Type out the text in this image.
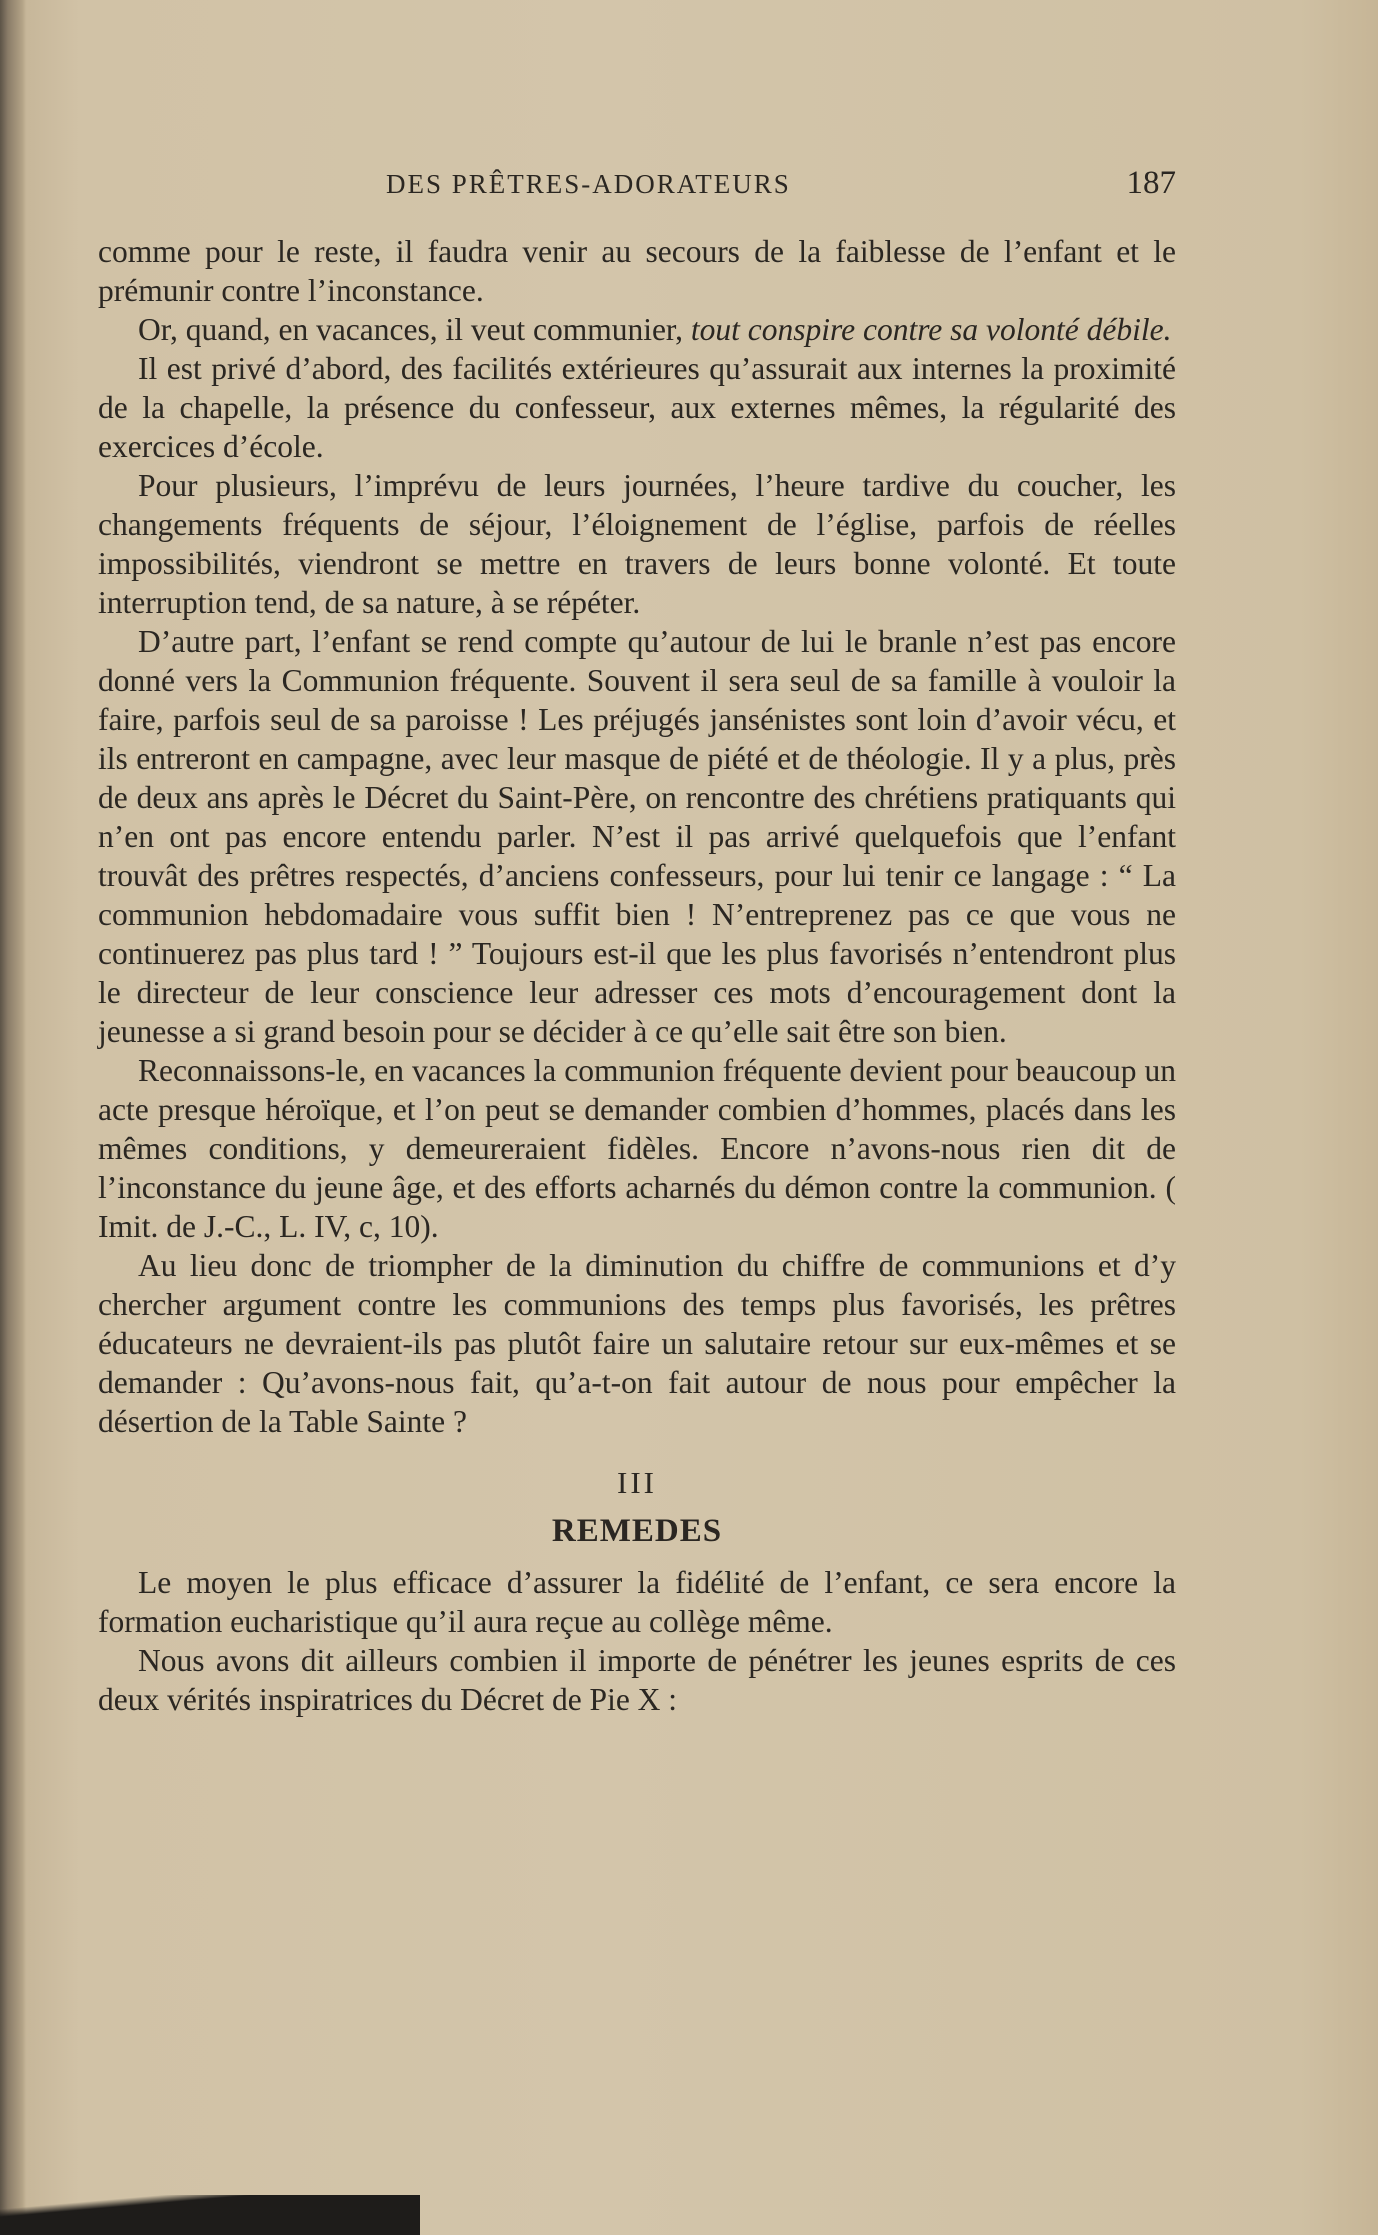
DES PRÊTRES-ADORATEURS	187

comme pour le reste, il faudra venir au secours de la faiblesse de l’enfant et le prémunir contre l’inconstance.

Or, quand, en vacances, il veut communier, tout conspire contre sa volonté débile.

Il est privé d’abord, des facilités extérieures qu’assurait aux internes la proximité de la chapelle, la présence du confesseur, aux externes mêmes, la régularité des exercices d’école.

Pour plusieurs, l’imprévu de leurs journées, l’heure tardive du coucher, les changements fréquents de séjour, l’éloignement de l’église, parfois de réelles impossibilités, viendront se mettre en travers de leurs bonne volonté. Et toute interruption tend, de sa nature, à se répéter.

D’autre part, l’enfant se rend compte qu’autour de lui le branle n’est pas encore donné vers la Communion fréquente. Souvent il sera seul de sa famille à vouloir la faire, parfois seul de sa paroisse ! Les préjugés jansénistes sont loin d’avoir vécu, et ils entreront en campagne, avec leur masque de piété et de théologie. Il y a plus, près de deux ans après le Décret du Saint-Père, on rencontre des chrétiens pratiquants qui n’en ont pas encore entendu parler. N’est il pas arrivé quelquefois que l’enfant trouvât des prêtres respectés, d’anciens confesseurs, pour lui tenir ce langage : “ La communion hebdomadaire vous suffit bien ! N’entreprenez pas ce que vous ne continuerez pas plus tard ! ” Toujours est-il que les plus favorisés n’entendront plus le directeur de leur conscience leur adresser ces mots d’encouragement dont la jeunesse a si grand besoin pour se décider à ce qu’elle sait être son bien.

Reconnaissons-le, en vacances la communion fréquente devient pour beaucoup un acte presque héroïque, et l’on peut se demander combien d’hommes, placés dans les mêmes conditions, y demeureraient fidèles. Encore n’avons-nous rien dit de l’inconstance du jeune âge, et des efforts acharnés du démon contre la communion. ( Imit. de J.-C., L. IV, c, 10).

Au lieu donc de triompher de la diminution du chiffre de communions et d’y chercher argument contre les communions des temps plus favorisés, les prêtres éducateurs ne devraient-ils pas plutôt faire un salutaire retour sur eux-mêmes et se demander : Qu’avons-nous fait, qu’a-t-on fait autour de nous pour empêcher la désertion de la Table Sainte ?

III

REMEDES

Le moyen le plus efficace d’assurer la fidélité de l’enfant, ce sera encore la formation eucharistique qu’il aura reçue au collège même.

Nous avons dit ailleurs combien il importe de pénétrer les jeunes esprits de ces deux vérités inspiratrices du Décret de Pie X :
